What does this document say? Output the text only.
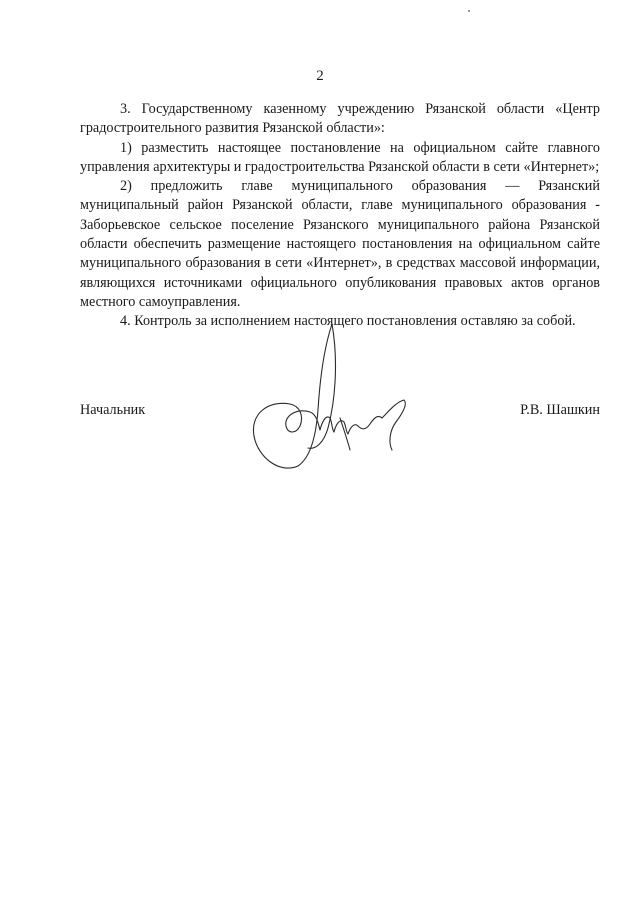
2

3. Государственному казенному учреждению Рязанской области «Центр градостроительного развития Рязанской области»:

1) разместить настоящее постановление на официальном сайте главного управления архитектуры и градостроительства Рязанской области в сети «Интернет»;

2) предложить главе муниципального образования — Рязанский муниципальный район Рязанской области, главе муниципального образования - Заборьевское сельское поселение Рязанского муниципального района Рязанской области обеспечить размещение настоящего постановления на официальном сайте муниципального образования в сети «Интернет», в средствах массовой информации, являющихся источниками официального опубликования правовых актов органов местного самоуправления.

4. Контроль за исполнением настоящего постановления оставляю за собой.

Начальник	Р.В. Шашкин
